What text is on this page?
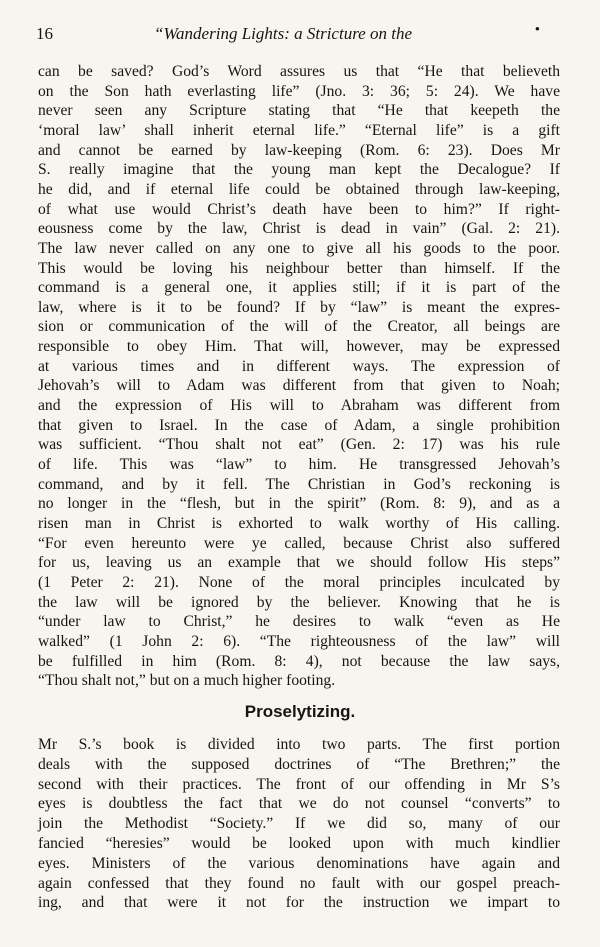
16	“Wandering Lights: a Stricture on the	•
can be saved? God’s Word assures us that “He that believeth
on the Son hath everlasting life” (Jno. 3: 36; 5: 24). We have
never seen any Scripture stating that “He that keepeth the
‘moral law’ shall inherit eternal life.” “Eternal life” is a gift
and cannot be earned by law-keeping (Rom. 6: 23). Does Mr
S. really imagine that the young man kept the Decalogue? If
he did, and if eternal life could be obtained through law-keeping,
of what use would Christ’s death have been to him?” If right-
eousness come by the law, Christ is dead in vain” (Gal. 2: 21).
The law never called on any one to give all his goods to the poor.
This would be loving his neighbour better than himself. If the
command is a general one, it applies still; if it is part of the
law, where is it to be found? If by “law” is meant the expres-
sion or communication of the will of the Creator, all beings are
responsible to obey Him. That will, however, may be expressed
at various times and in different ways. The expression of
Jehovah’s will to Adam was different from that given to Noah;
and the expression of His will to Abraham was different from
that given to Israel. In the case of Adam, a single prohibition
was sufficient. “Thou shalt not eat” (Gen. 2: 17) was his rule
of life. This was “law” to him. He transgressed Jehovah’s
command, and by it fell. The Christian in God’s reckoning is
no longer in the “flesh, but in the spirit” (Rom. 8: 9), and as a
risen man in Christ is exhorted to walk worthy of His calling.
“For even hereunto were ye called, because Christ also suffered
for us, leaving us an example that we should follow His steps”
(1 Peter 2: 21). None of the moral principles inculcated by
the law will be ignored by the believer. Knowing that he is
“under law to Christ,” he desires to walk “even as He
walked” (1 John 2: 6). “The righteousness of the law” will
be fulfilled in him (Rom. 8: 4), not because the law says,
“Thou shalt not,” but on a much higher footing.
Proselytizing.
Mr S.’s book is divided into two parts. The first portion
deals with the supposed doctrines of “The Brethren;” the
second with their practices. The front of our offending in Mr S’s
eyes is doubtless the fact that we do not counsel “converts” to
join the Methodist “Society.” If we did so, many of our
fancied “heresies” would be looked upon with much kindlier
eyes. Ministers of the various denominations have again and
again confessed that they found no fault with our gospel preach-
ing, and that were it not for the instruction we impart to
